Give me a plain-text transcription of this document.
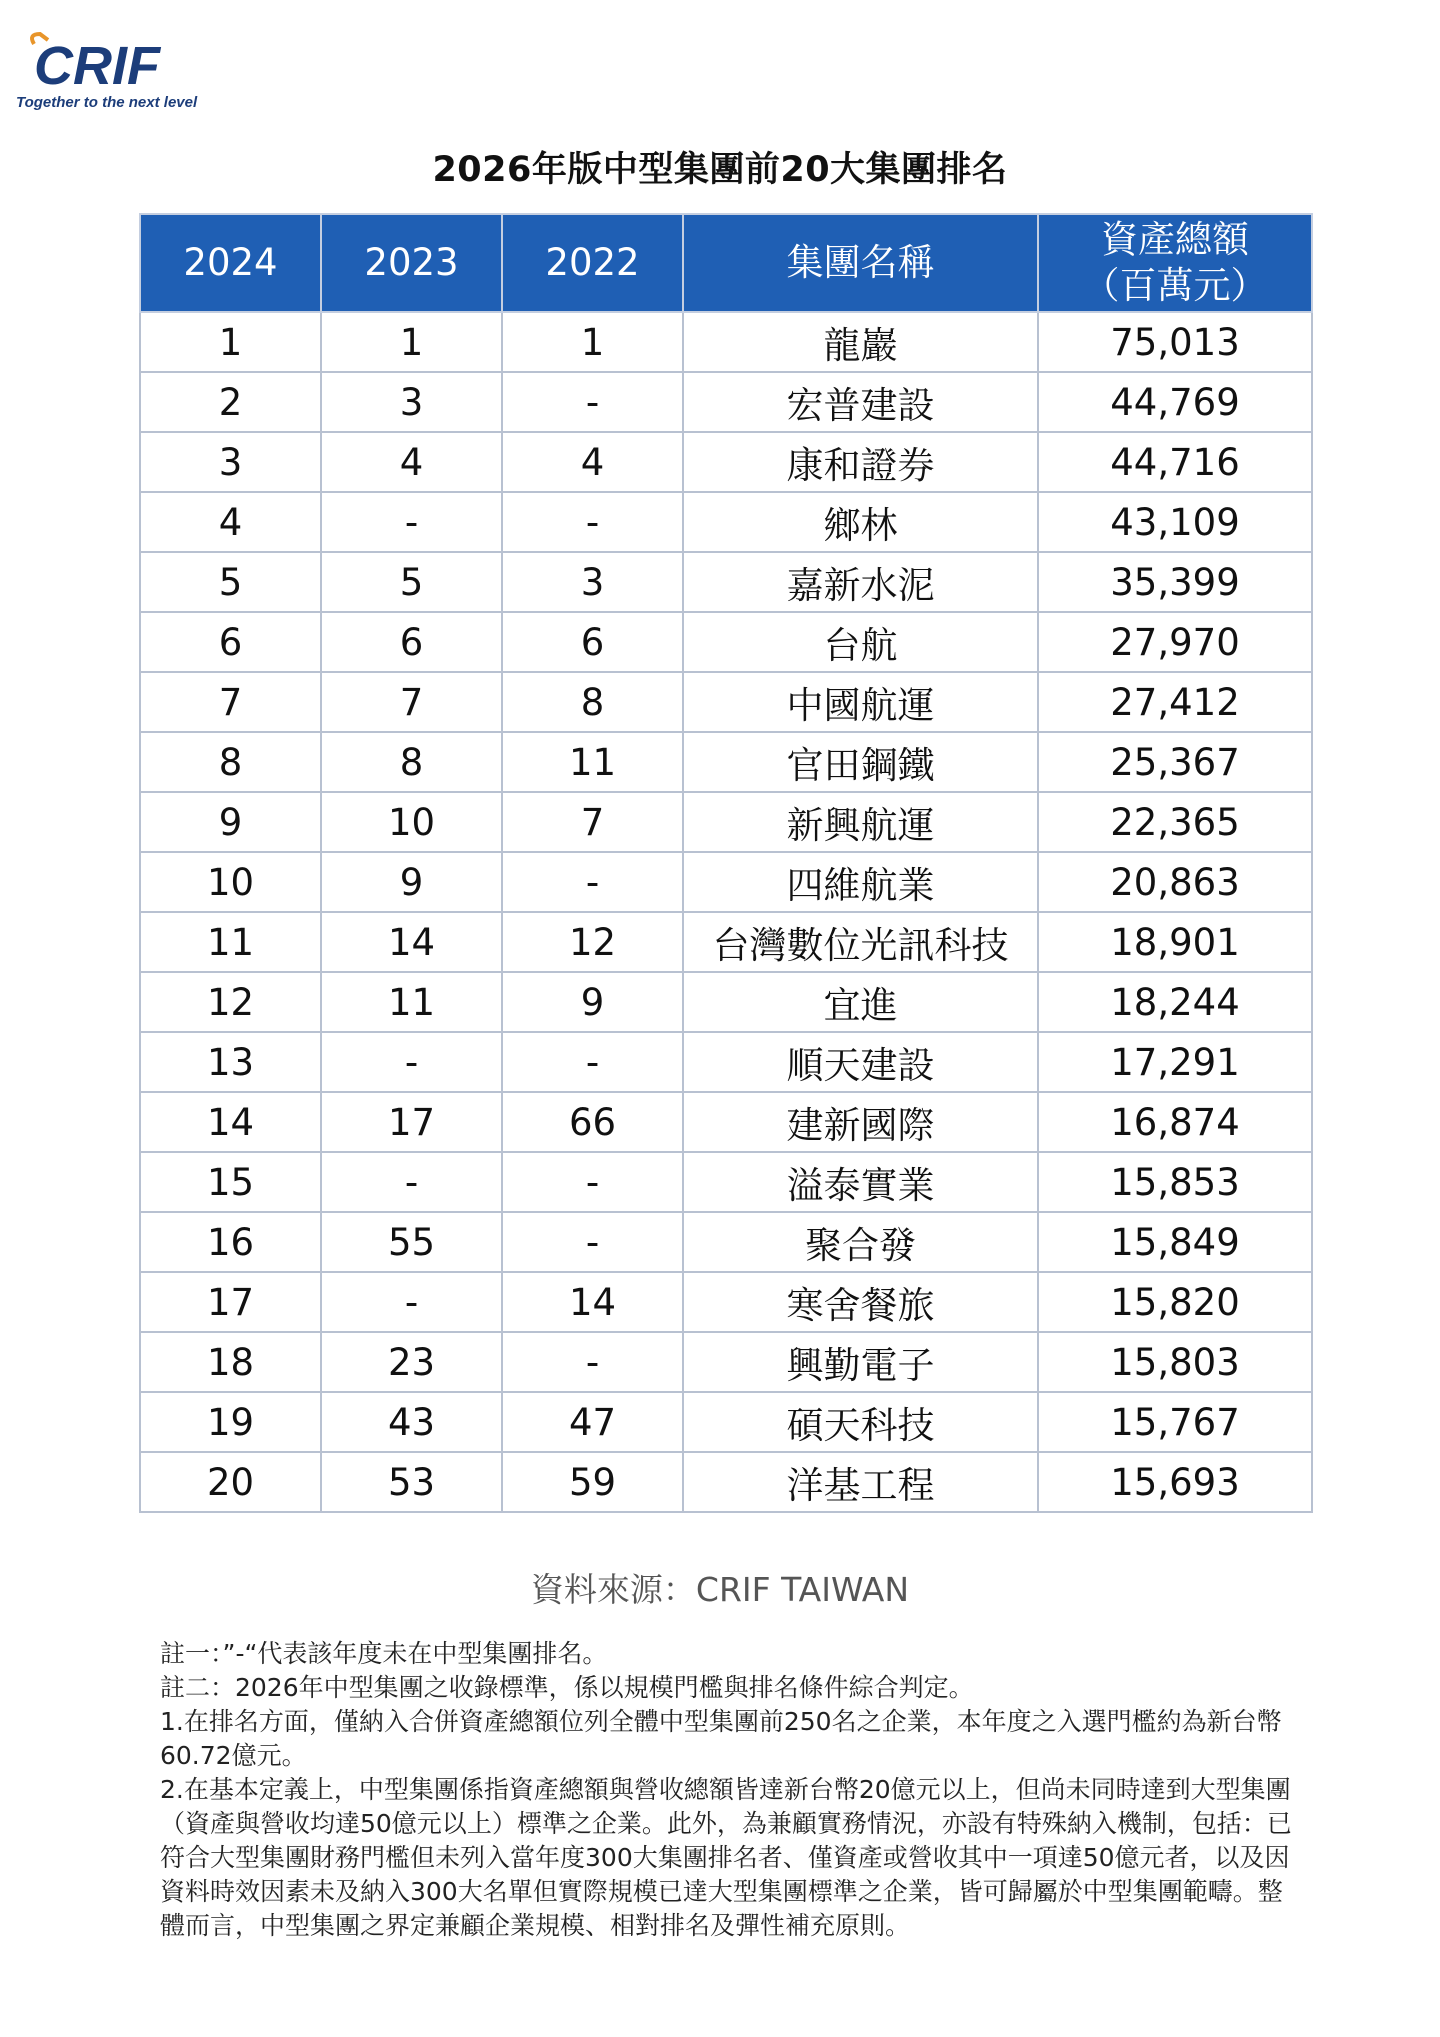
CRIF
Together to the next level
2026年版中型集團前20大集團排名
2024	2023	2022	集團名稱	資產總額
（百萬元）

1	1	1	龍巖	75,013
2	3	-	宏普建設	44,769
3	4	4	康和證券	44,716
4	-	-	鄉林	43,109
5	5	3	嘉新水泥	35,399
6	6	6	台航	27,970
7	7	8	中國航運	27,412
8	8	11	官田鋼鐵	25,367
9	10	7	新興航運	22,365
10	9	-	四維航業	20,863
11	14	12	台灣數位光訊科技	18,901
12	11	9	宜進	18,244
13	-	-	順天建設	17,291
14	17	66	建新國際	16,874
15	-	-	溢泰實業	15,853
16	55	-	聚合發	15,849
17	-	14	寒舍餐旅	15,820
18	23	-	興勤電子	15,803
19	43	47	碩天科技	15,767
20	53	59	洋基工程	15,693
資料來源：CRIF TAIWAN

註一：”-“代表該年度未在中型集團排名。

註二：2026年中型集團之收錄標準，係以規模門檻與排名條件綜合判定。

1.在排名方面，僅納入合併資產總額位列全體中型集團前250名之企業，本年度之入選門檻約為新台幣60.72億元。

2.在基本定義上，中型集團係指資產總額與營收總額皆達新台幣20億元以上，但尚未同時達到大型集團（資產與營收均達50億元以上）標準之企業。此外，為兼顧實務情況，亦設有特殊納入機制，包括：已符合大型集團財務門檻但未列入當年度300大集團排名者、僅資產或營收其中一項達50億元者，以及因資料時效因素未及納入300大名單但實際規模已達大型集團標準之企業，皆可歸屬於中型集團範疇。整體而言，中型集團之界定兼顧企業規模、相對排名及彈性補充原則。
